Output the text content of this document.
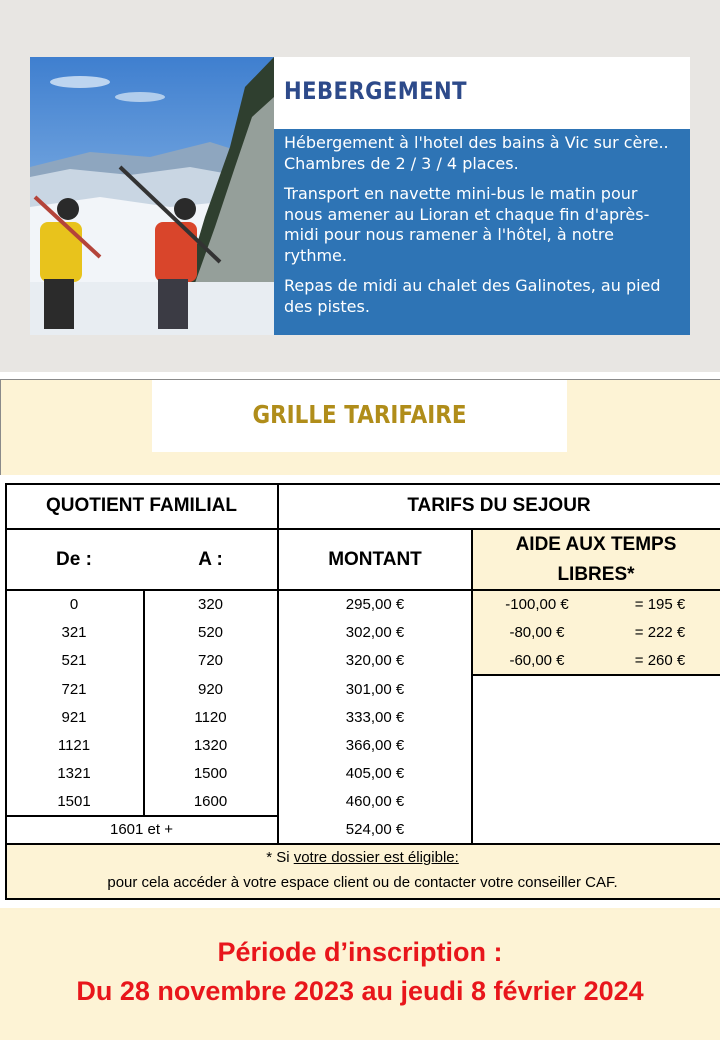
HEBERGEMENT

Hébergement à l'hotel des bains à Vic sur cère.. Chambres de 2 / 3 / 4 places.

Transport en navette mini-bus le matin pour nous amener au Lioran et chaque fin d'après-midi pour nous ramener à l'hôtel, à notre rythme.

Repas de midi au chalet des Galinotes, au pied des pistes.

GRILLE TARIFAIRE
QUOTIENT FAMILIAL	TARIFS DU SEJOUR
De :	A :	MONTANT
AIDE AUX TEMPS LIBRES*
0	320	295,00 €	-100,00 €	= 195 €
321	520	302,00 €	-80,00 €	= 222 €
521	720	320,00 €	-60,00 €	= 260 €
721	920	301,00 €
921	1120	333,00 €
1121	1320	366,00 €
1321	1500	405,00 €
1501	1600	460,00 €
1601 et +	524,00 €
* Si votre dossier est éligible:
pour cela accéder à votre espace client ou de contacter votre conseiller CAF.
Période d’inscription :
Du 28 novembre 2023 au jeudi 8 février 2024
